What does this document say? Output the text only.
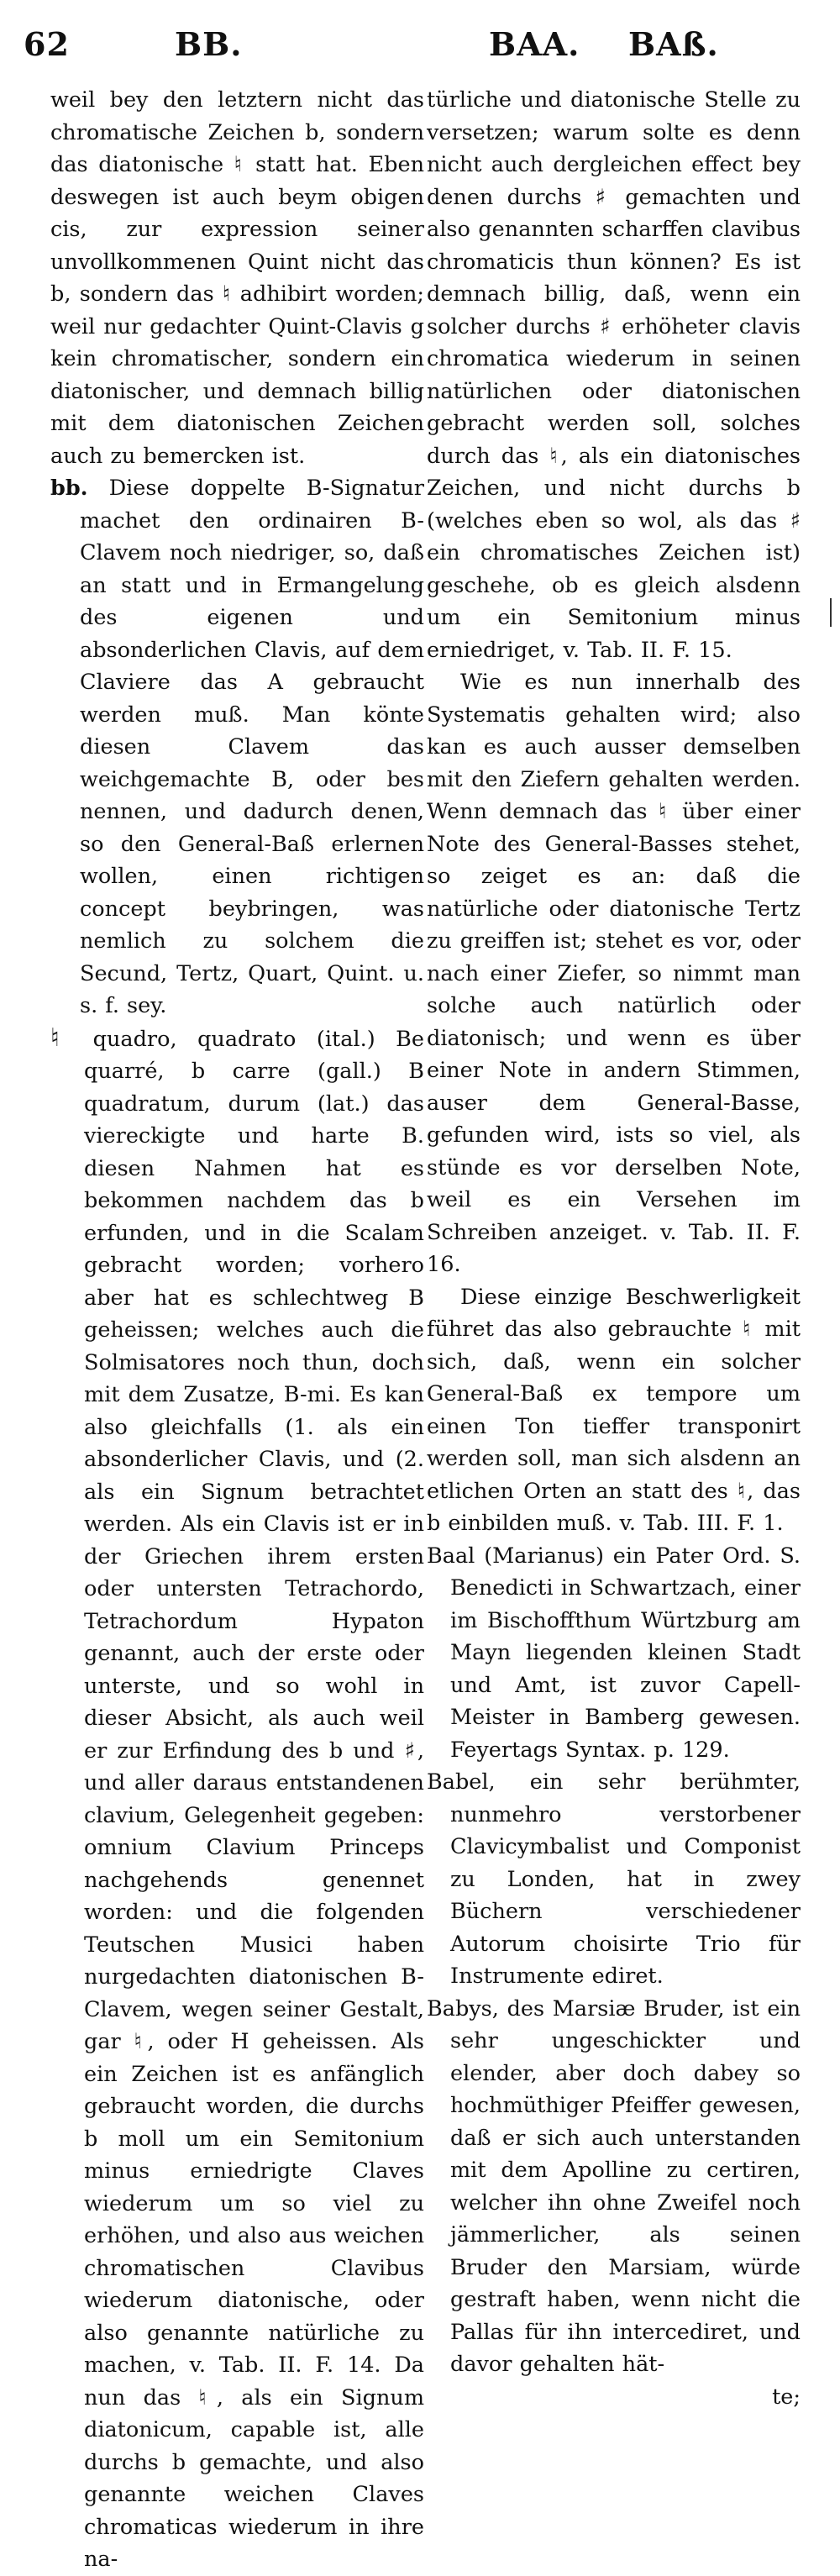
62	BB.	BAA. BAß.

weil bey den letztern nicht das chromatische Zeichen b, sondern das diatonische ♮ statt hat. Eben deswegen ist auch beym obigen cis, zur expression seiner unvollkommenen Quint nicht das b, sondern das ♮ adhibirt worden; weil nur gedachter Quint-Clavis g kein chromatischer, sondern ein diatonischer, und demnach billig mit dem diatonischen Zeichen auch zu bemercken ist.

bb. Diese doppelte B-Signatur machet den ordinairen B-Clavem noch niedriger, so, daß an statt und in Ermangelung des eigenen und absonderlichen Clavis, auf dem Claviere das A gebraucht werden muß. Man könte diesen Clavem das weichgemachte B, oder bes nennen, und dadurch denen, so den General-Baß erlernen wollen, einen richtigen concept beybringen, was nemlich zu solchem die Secund, Tertz, Quart, Quint. u. s. f. sey.

♮ quadro, quadrato (ital.) Be quarré, b carre (gall.) B quadratum, durum (lat.) das viereckigte und harte B. diesen Nahmen hat es bekommen nachdem das b erfunden, und in die Scalam gebracht worden; vorhero aber hat es schlechtweg B geheissen; welches auch die Solmisatores noch thun, doch mit dem Zusatze, B-mi. Es kan also gleichfalls (1. als ein absonderlicher Clavis, und (2. als ein Signum betrachtet werden. Als ein Clavis ist er in der Griechen ihrem ersten oder untersten Tetrachordo, Tetrachordum Hypaton genannt, auch der erste oder unterste, und so wohl in dieser Absicht, als auch weil er zur Erfindung des b und ♯, und aller daraus entstandenen clavium, Gelegenheit gegeben: omnium Clavium Princeps nachgehends genennet worden: und die folgenden Teutschen Musici haben nurgedachten diatonischen B-Clavem, wegen seiner Gestalt, gar ♮, oder H geheissen. Als ein Zeichen ist es anfänglich gebraucht worden, die durchs b moll um ein Semitonium minus erniedrigte Claves wiederum um so viel zu erhöhen, und also aus weichen chromatischen Clavibus wiederum diatonische, oder also genannte natürliche zu machen, v. Tab. II. F. 14. Da nun das ♮, als ein Signum diatonicum, capable ist, alle durchs b gemachte, und also genannte weichen Claves chromaticas wiederum in ihre na-

türliche und diatonische Stelle zu versetzen; warum solte es denn nicht auch dergleichen effect bey denen durchs ♯ gemachten und also genannten scharffen clavibus chromaticis thun können? Es ist demnach billig, daß, wenn ein solcher durchs ♯ erhöheter clavis chromatica wiederum in seinen natürlichen oder diatonischen gebracht werden soll, solches durch das ♮, als ein diatonisches Zeichen, und nicht durchs b (welches eben so wol, als das ♯ ein chromatisches Zeichen ist) geschehe, ob es gleich alsdenn um ein Semitonium minus erniedriget, v. Tab. II. F. 15.

Wie es nun innerhalb des Systematis gehalten wird; also kan es auch ausser demselben mit den Ziefern gehalten werden. Wenn demnach das ♮ über einer Note des General-Basses stehet, so zeiget es an: daß die natürliche oder diatonische Tertz zu greiffen ist; stehet es vor, oder nach einer Ziefer, so nimmt man solche auch natürlich oder diatonisch; und wenn es über einer Note in andern Stimmen, auser dem General-Basse, gefunden wird, ists so viel, als stünde es vor derselben Note, weil es ein Versehen im Schreiben anzeiget. v. Tab. II. F. 16.

Diese einzige Beschwerligkeit führet das also gebrauchte ♮ mit sich, daß, wenn ein solcher General-Baß ex tempore um einen Ton tieffer transponirt werden soll, man sich alsdenn an etlichen Orten an statt des ♮, das b einbilden muß. v. Tab. III. F. 1.

Baal (Marianus) ein Pater Ord. S. Benedicti in Schwartzach, einer im Bischoffthum Würtzburg am Mayn liegenden kleinen Stadt und Amt, ist zuvor Capell-Meister in Bamberg gewesen. Feyertags Syntax. p. 129.

Babel, ein sehr berühmter, nunmehro verstorbener Clavicymbalist und Componist zu Londen, hat in zwey Büchern verschiedener Autorum choisirte Trio für Instrumente ediret.

Babys, des Marsiæ Bruder, ist ein sehr ungeschickter und elender, aber doch dabey so hochmüthiger Pfeiffer gewesen, daß er sich auch unterstanden mit dem Apolline zu certiren, welcher ihn ohne Zweifel noch jämmerlicher, als seinen Bruder den Marsiam, würde gestraft haben, wenn nicht die Pallas für ihn intercediret, und davor gehalten hät-

te;
